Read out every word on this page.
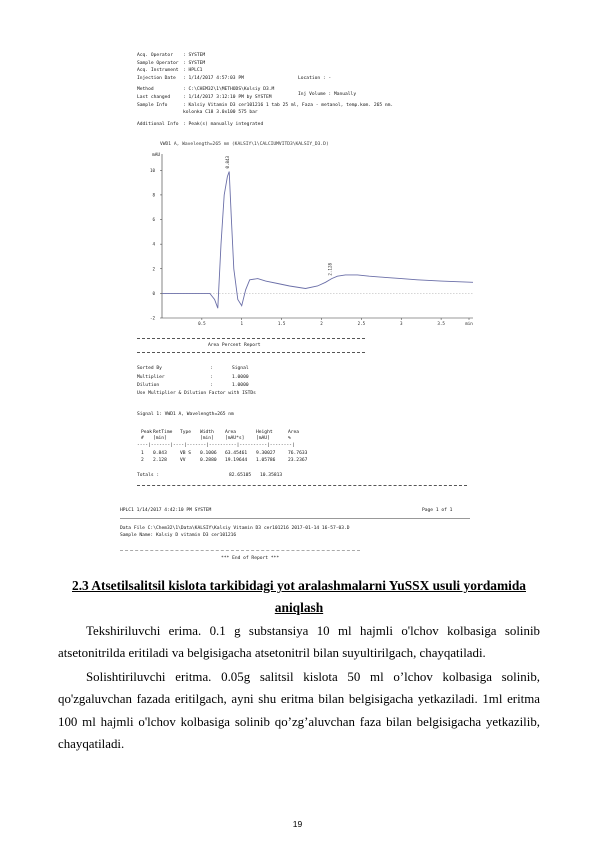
Acq. Operator : SYSTEM
Sample Operator : SYSTEM
Acq. Instrument : HPLC1
Injection Date : 1/14/2017 4:57:03 PM
Method	: C:\CHEM32\1\METHODS\Kolsiy D3.M
Last changed	: 1/14/2017 3:12:10 PM by SYSTEM
Sample Info	: Kalsiy Vitamin D3 cer101216 1 tab 25 ml, Faza - metanol, temp.kom. 265 nm.
kolonka C18 3.0x100 575 bar
Additional Info : Peak(s) manually integrated
Location : -
Inj Volume : Manually
VWD1 A, Wavelength=265 nm (KALSIY\1\CALCIUMVITD3\KALSIY_D3.D)
Area Percent Report
Sorted By	:	Signal
Multiplier	:	1.0000
Dilution	:	1.0000
Use Multiplier & Dilution Factor with ISTDs
Signal 1: VWD1 A, Wavelength=265 nm
Peak RetTime Type Width Area	Height	Area
# [min]	[min] [mAU*s]	[mAU]	%
----|-------|----|-------|----------|----------|--------|
1 0.843	VB S 0.1006 63.45461 9.30027	76.7633
2 2.128	VV	0.2880 19.19644 1.05786	23.2367
Totals :	82.65105 10.35813
HPLC1 1/14/2017 4:42:10 PM SYSTEM	Page 1 of 1
Data File C:\Chem32\1\Data\KALSIY\Kalsiy Vitamin D3 cer101216 2017-01-14 16-57-03.D
Sample Name: Kalsiy D vitamin D3 cer101216
*** End of Report ***
mAU
10
8
6
4
2
0
-2
0.5	1	1.5	2	2.5	3	3.5	min
0.843
2.128
2.3 Atsetilsalitsil kislota tarkibidagi yot aralashmalarni YuSSX usuli yordamida
aniqlash
Tekshiriluvchi erima. 0.1 g substansiya 10 ml hajmli o'lchov kolbasiga solinib atsetonitrilda eritiladi va belgisigacha atsetonitril bilan suyultirilgach, chayqatiladi.
Solishtiriluvchi eritma. 0.05g salitsil kislota 50 ml o’lchov kolbasiga solinib, qo'zgaluvchan fazada eritilgach, ayni shu eritma bilan belgisigacha yetkaziladi. 1ml eritma 100 ml hajmli o'lchov kolbasiga solinib qo’zg’aluvchan faza bilan belgisigacha yetkazilib, chayqatiladi.
19
